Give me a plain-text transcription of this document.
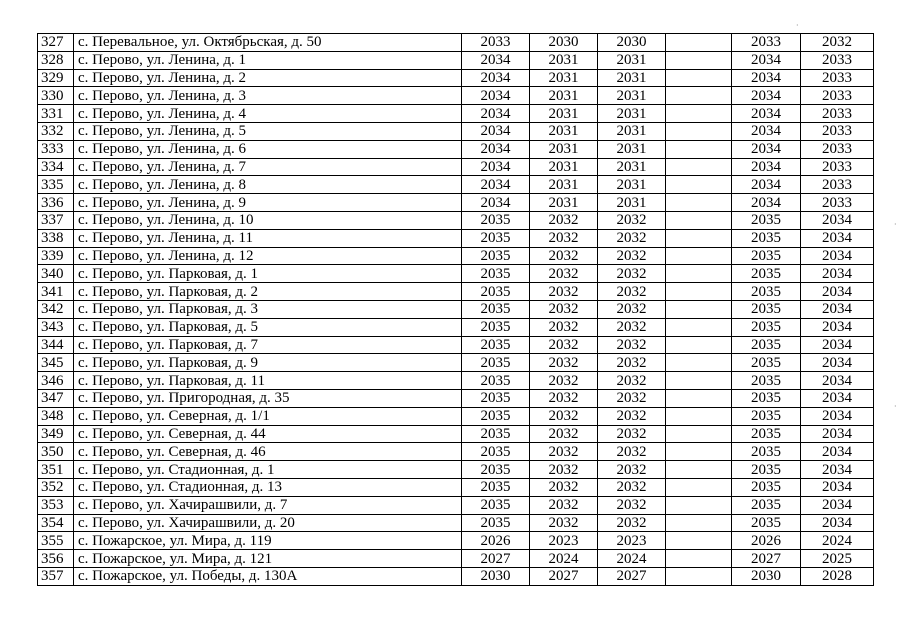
327	с. Перевальное, ул. Октябрьская, д. 50	2033	2030	2030		2033	2032
328	с. Перово, ул. Ленина, д. 1	2034	2031	2031		2034	2033
329	с. Перово, ул. Ленина, д. 2	2034	2031	2031		2034	2033
330	с. Перово, ул. Ленина, д. 3	2034	2031	2031		2034	2033
331	с. Перово, ул. Ленина, д. 4	2034	2031	2031		2034	2033
332	с. Перово, ул. Ленина, д. 5	2034	2031	2031		2034	2033
333	с. Перово, ул. Ленина, д. 6	2034	2031	2031		2034	2033
334	с. Перово, ул. Ленина, д. 7	2034	2031	2031		2034	2033
335	с. Перово, ул. Ленина, д. 8	2034	2031	2031		2034	2033
336	с. Перово, ул. Ленина, д. 9	2034	2031	2031		2034	2033
337	с. Перово, ул. Ленина, д. 10	2035	2032	2032		2035	2034
338	с. Перово, ул. Ленина, д. 11	2035	2032	2032		2035	2034
339	с. Перово, ул. Ленина, д. 12	2035	2032	2032		2035	2034
340	с. Перово, ул. Парковая, д. 1	2035	2032	2032		2035	2034
341	с. Перово, ул. Парковая, д. 2	2035	2032	2032		2035	2034
342	с. Перово, ул. Парковая, д. 3	2035	2032	2032		2035	2034
343	с. Перово, ул. Парковая, д. 5	2035	2032	2032		2035	2034
344	с. Перово, ул. Парковая, д. 7	2035	2032	2032		2035	2034
345	с. Перово, ул. Парковая, д. 9	2035	2032	2032		2035	2034
346	с. Перово, ул. Парковая, д. 11	2035	2032	2032		2035	2034
347	с. Перово, ул. Пригородная, д. 35	2035	2032	2032		2035	2034
348	с. Перово, ул. Северная, д. 1/1	2035	2032	2032		2035	2034
349	с. Перово, ул. Северная, д. 44	2035	2032	2032		2035	2034
350	с. Перово, ул. Северная, д. 46	2035	2032	2032		2035	2034
351	с. Перово, ул. Стадионная, д. 1	2035	2032	2032		2035	2034
352	с. Перово, ул. Стадионная, д. 13	2035	2032	2032		2035	2034
353	с. Перово, ул. Хачирашвили, д. 7	2035	2032	2032		2035	2034
354	с. Перово, ул. Хачирашвили, д. 20	2035	2032	2032		2035	2034
355	с. Пожарское, ул. Мира, д. 119	2026	2023	2023		2026	2024
356	с. Пожарское, ул. Мира, д. 121	2027	2024	2024		2027	2025
357	с. Пожарское, ул. Победы, д. 130А	2030	2027	2027		2030	2028
·
·
·
